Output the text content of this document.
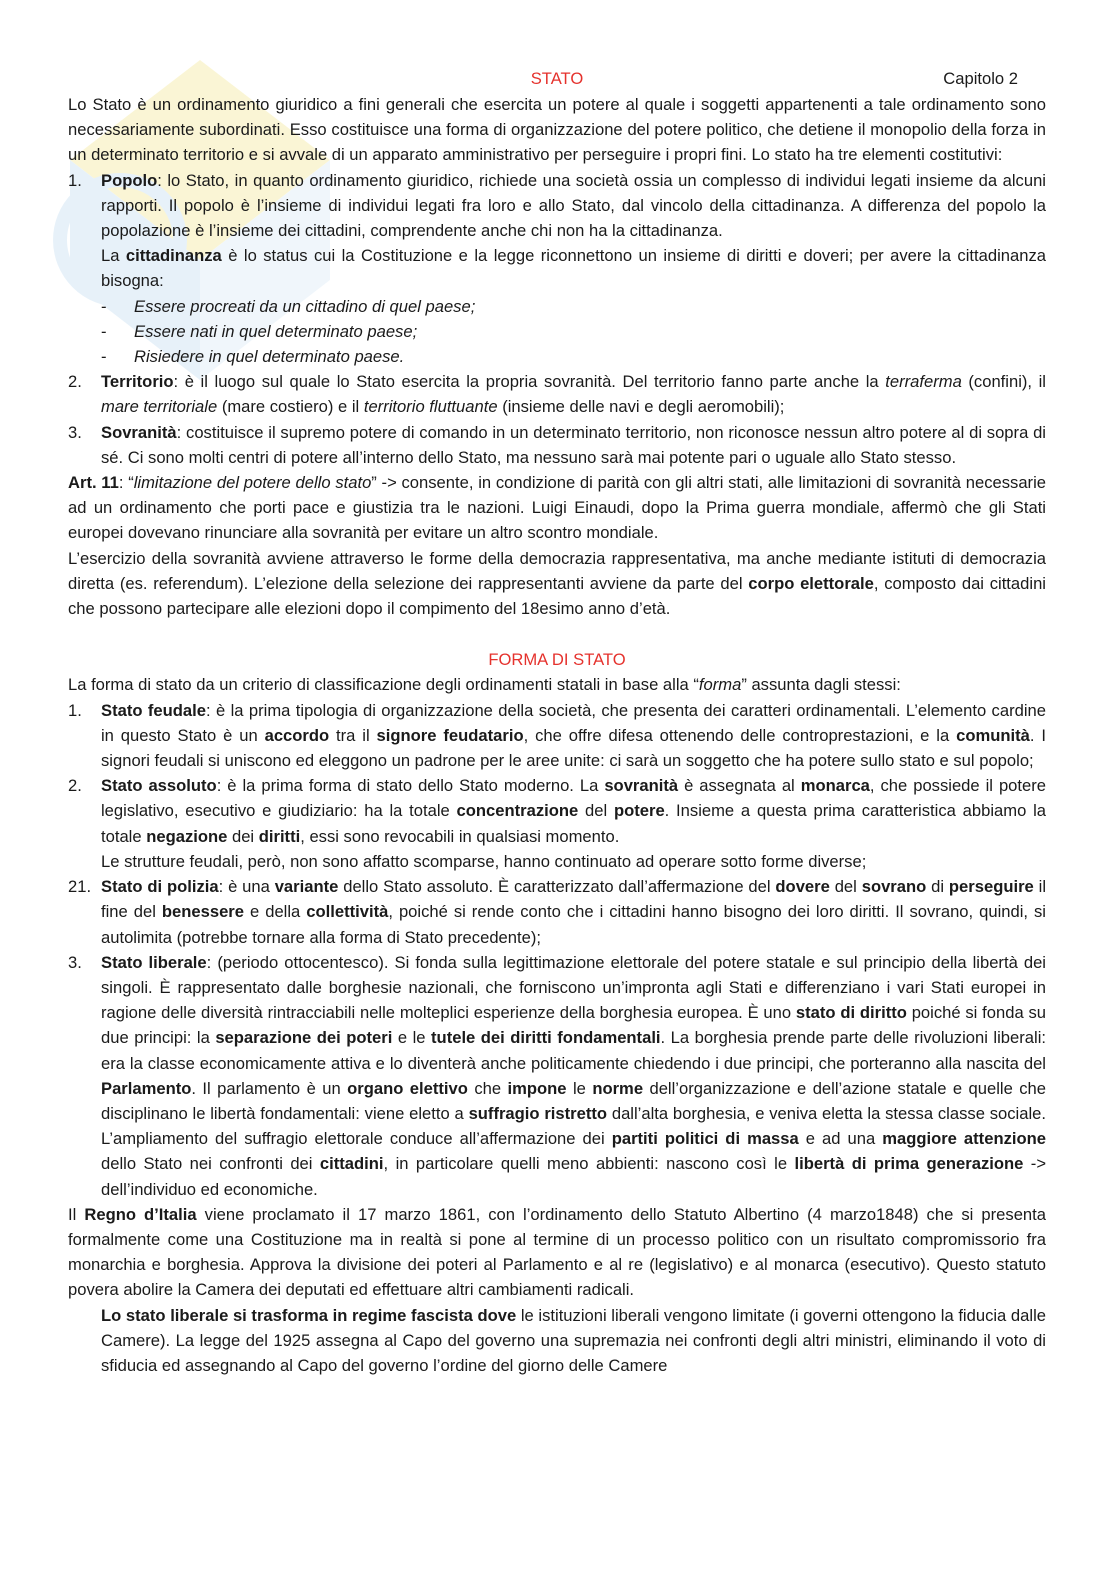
STATO	Capitolo 2

Lo Stato è un ordinamento giuridico a fini generali che esercita un potere al quale i soggetti appartenenti a tale ordinamento sono necessariamente subordinati. Esso costituisce una forma di organizzazione del potere politico, che detiene il monopolio della forza in un determinato territorio e si avvale di un apparato amministrativo per perseguire i propri fini. Lo stato ha tre elementi costitutivi:

1. Popolo: lo Stato, in quanto ordinamento giuridico, richiede una società ossia un complesso di individui legati insieme da alcuni rapporti. Il popolo è l’insieme di individui legati fra loro e allo Stato, dal vincolo della cittadinanza. A differenza del popolo la popolazione è l’insieme dei cittadini, comprendente anche chi non ha la cittadinanza.
La cittadinanza è lo status cui la Costituzione e la legge riconnettono un insieme di diritti e doveri; per avere la cittadinanza bisogna:
- Essere procreati da un cittadino di quel paese;
- Essere nati in quel determinato paese;
- Risiedere in quel determinato paese.
2. Territorio: è il luogo sul quale lo Stato esercita la propria sovranità. Del territorio fanno parte anche la terraferma (confini), il mare territoriale (mare costiero) e il territorio fluttuante (insieme delle navi e degli aeromobili);
3. Sovranità: costituisce il supremo potere di comando in un determinato territorio, non riconosce nessun altro potere al di sopra di sé. Ci sono molti centri di potere all’interno dello Stato, ma nessuno sarà mai potente pari o uguale allo Stato stesso.

Art. 11: “limitazione del potere dello stato” -> consente, in condizione di parità con gli altri stati, alle limitazioni di sovranità necessarie ad un ordinamento che porti pace e giustizia tra le nazioni. Luigi Einaudi, dopo la Prima guerra mondiale, affermò che gli Stati europei dovevano rinunciare alla sovranità per evitare un altro scontro mondiale.

L’esercizio della sovranità avviene attraverso le forme della democrazia rappresentativa, ma anche mediante istituti di democrazia diretta (es. referendum). L’elezione della selezione dei rappresentanti avviene da parte del corpo elettorale, composto dai cittadini che possono partecipare alle elezioni dopo il compimento del 18esimo anno d’età.

FORMA DI STATO

La forma di stato da un criterio di classificazione degli ordinamenti statali in base alla “forma” assunta dagli stessi:

1. Stato feudale: è la prima tipologia di organizzazione della società, che presenta dei caratteri ordinamentali. L’elemento cardine in questo Stato è un accordo tra il signore feudatario, che offre difesa ottenendo delle controprestazioni, e la comunità. I signori feudali si uniscono ed eleggono un padrone per le aree unite: ci sarà un soggetto che ha potere sullo stato e sul popolo;
2. Stato assoluto: è la prima forma di stato dello Stato moderno. La sovranità è assegnata al monarca, che possiede il potere legislativo, esecutivo e giudiziario: ha la totale concentrazione del potere. Insieme a questa prima caratteristica abbiamo la totale negazione dei diritti, essi sono revocabili in qualsiasi momento.
Le strutture feudali, però, non sono affatto scomparse, hanno continuato ad operare sotto forme diverse;
21. Stato di polizia: è una variante dello Stato assoluto. È caratterizzato dall’affermazione del dovere del sovrano di perseguire il fine del benessere e della collettività, poiché si rende conto che i cittadini hanno bisogno dei loro diritti. Il sovrano, quindi, si autolimita (potrebbe tornare alla forma di Stato precedente);
3. Stato liberale: (periodo ottocentesco). Si fonda sulla legittimazione elettorale del potere statale e sul principio della libertà dei singoli. È rappresentato dalle borghesie nazionali, che forniscono un’impronta agli Stati e differenziano i vari Stati europei in ragione delle diversità rintracciabili nelle molteplici esperienze della borghesia europea. È uno stato di diritto poiché si fonda su due principi: la separazione dei poteri e le tutele dei diritti fondamentali. La borghesia prende parte delle rivoluzioni liberali: era la classe economicamente attiva e lo diventerà anche politicamente chiedendo i due principi, che porteranno alla nascita del Parlamento. Il parlamento è un organo elettivo che impone le norme dell’organizzazione e dell’azione statale e quelle che disciplinano le libertà fondamentali: viene eletto a suffragio ristretto dall’alta borghesia, e veniva eletta la stessa classe sociale. L’ampliamento del suffragio elettorale conduce all’affermazione dei partiti politici di massa e ad una maggiore attenzione dello Stato nei confronti dei cittadini, in particolare quelli meno abbienti: nascono così le libertà di prima generazione -> dell’individuo ed economiche.

Il Regno d’Italia viene proclamato il 17 marzo 1861, con l’ordinamento dello Statuto Albertino (4 marzo1848) che si presenta formalmente come una Costituzione ma in realtà si pone al termine di un processo politico con un risultato compromissorio fra monarchia e borghesia. Approva la divisione dei poteri al Parlamento e al re (legislativo) e al monarca (esecutivo). Questo statuto povera abolire la Camera dei deputati ed effettuare altri cambiamenti radicali.

Lo stato liberale si trasforma in regime fascista dove le istituzioni liberali vengono limitate (i governi ottengono la fiducia dalle Camere). La legge del 1925 assegna al Capo del governo una supremazia nei confronti degli altri ministri, eliminando il voto di sfiducia ed assegnando al Capo del governo l’ordine del giorno delle Camere
